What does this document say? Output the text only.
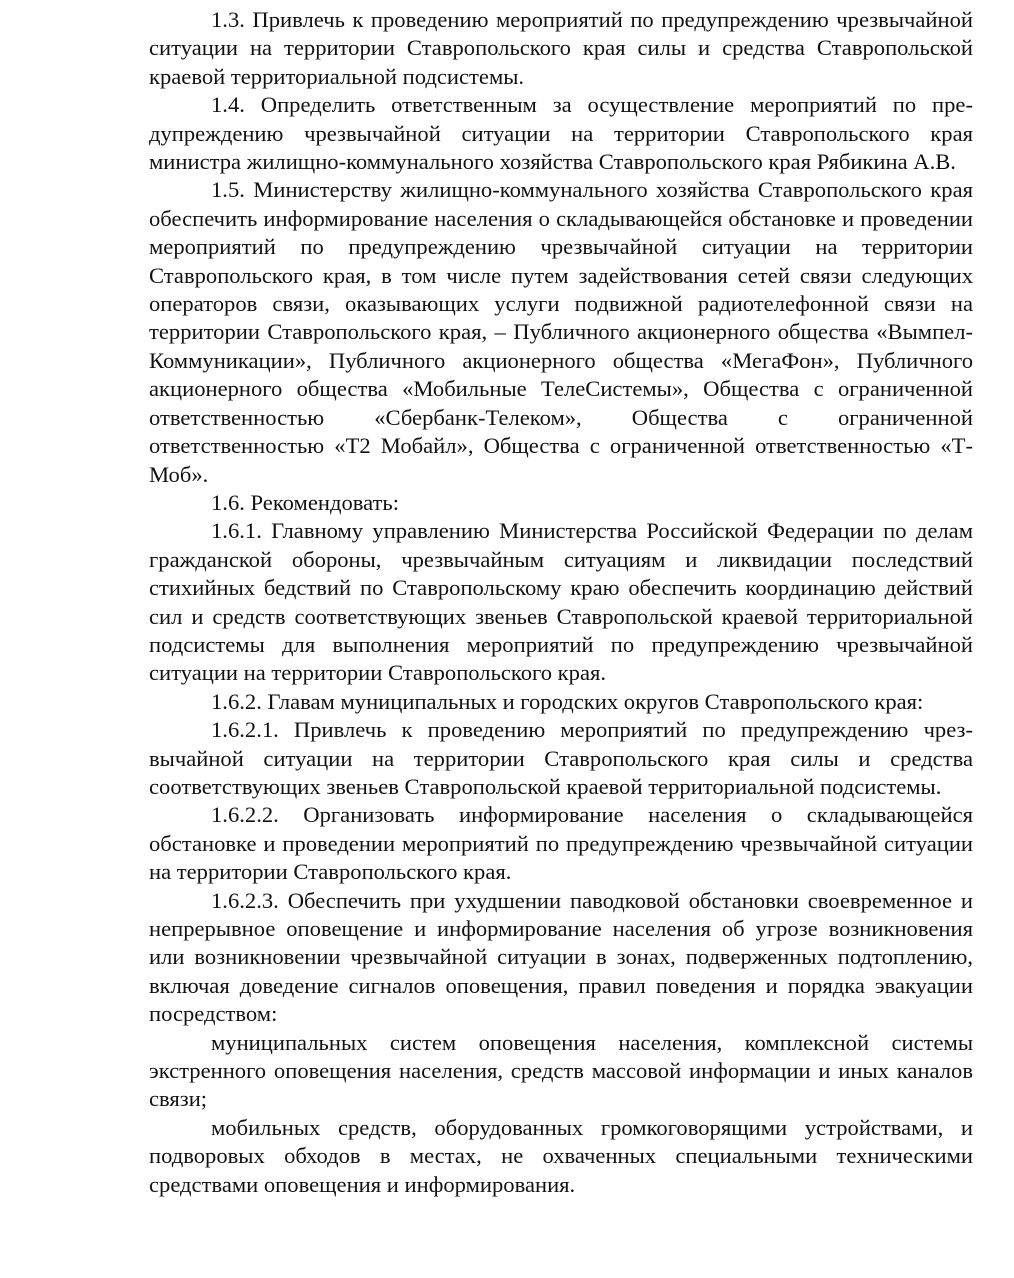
1.3. Привлечь к проведению мероприятий по предупреждению чрезвычайной ситуации на территории Ставропольского края силы и средства Ставропольской краевой территориальной подсистемы.

1.4. Определить ответственным за осуществление мероприятий по предупреждению чрезвычайной ситуации на территории Ставропольского края министра жилищно-коммунального хозяйства Ставропольского края Рябикина А.В.

1.5. Министерству жилищно-коммунального хозяйства Ставропольского края обеспечить информирование населения о складывающейся обстановке и проведении мероприятий по предупреждению чрезвычайной ситуации на территории Ставропольского края, в том числе путем задействования сетей связи следующих операторов связи, оказывающих услуги подвижной радиотелефонной связи на территории Ставропольского края, – Публичного акционерного общества «Вымпел-Коммуникации», Публичного акционерного общества «МегаФон», Публичного акционерного общества «Мобильные ТелеСистемы», Общества с ограниченной ответственностью «Сбербанк-Телеком», Общества с ограниченной ответственностью «Т2 Мобайл», Общества с ограниченной ответственностью «Т-Моб».

1.6. Рекомендовать:

1.6.1. Главному управлению Министерства Российской Федерации по делам гражданской обороны, чрезвычайным ситуациям и ликвидации последствий стихийных бедствий по Ставропольскому краю обеспечить координацию действий сил и средств соответствующих звеньев Ставропольской краевой территориальной подсистемы для выполнения мероприятий по предупреждению чрезвычайной ситуации на территории Ставропольского края.

1.6.2. Главам муниципальных и городских округов Ставропольского края:

1.6.2.1. Привлечь к проведению мероприятий по предупреждению чрезвычайной ситуации на территории Ставропольского края силы и средства соответствующих звеньев Ставропольской краевой территориальной подсистемы.

1.6.2.2. Организовать информирование населения о складывающейся обстановке и проведении мероприятий по предупреждению чрезвычайной ситуации на территории Ставропольского края.

1.6.2.3. Обеспечить при ухудшении паводковой обстановки своевременное и непрерывное оповещение и информирование населения об угрозе возникновения или возникновении чрезвычайной ситуации в зонах, подверженных подтоплению, включая доведение сигналов оповещения, правил поведения и порядка эвакуации посредством:

муниципальных систем оповещения населения, комплексной системы экстренного оповещения населения, средств массовой информации и иных каналов связи;

мобильных средств, оборудованных громкоговорящими устройствами, и подворовых обходов в местах, не охваченных специальными техническими средствами оповещения и информирования.
